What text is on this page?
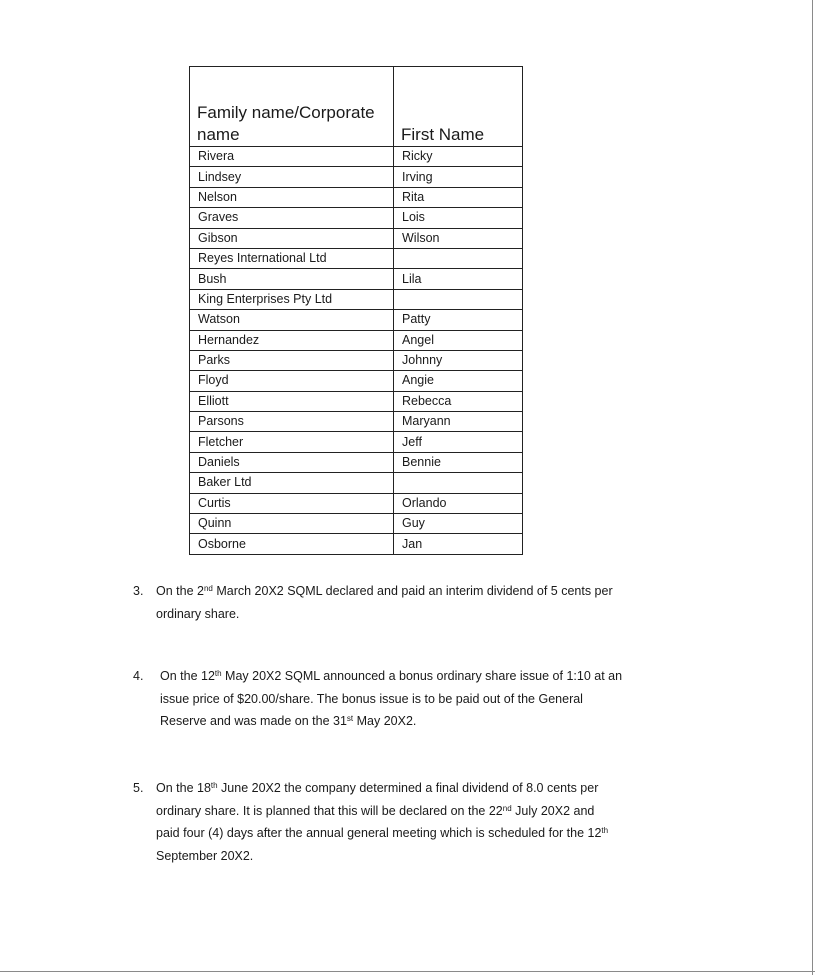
Family name/Corporate name	First Name
Rivera	Ricky
Lindsey	Irving
Nelson	Rita
Graves	Lois
Gibson	Wilson
Reyes International Ltd	
Bush	Lila
King Enterprises Pty Ltd	
Watson	Patty
Hernandez	Angel
Parks	Johnny
Floyd	Angie
Elliott	Rebecca
Parsons	Maryann
Fletcher	Jeff
Daniels	Bennie
Baker Ltd	
Curtis	Orlando
Quinn	Guy
Osborne	Jan
3. On the 2nd March 20X2 SQML declared and paid an interim dividend of 5 cents per
ordinary share.
4. On the 12th May 20X2 SQML announced a bonus ordinary share issue of 1:10 at an
issue price of $20.00/share. The bonus issue is to be paid out of the General
Reserve and was made on the 31st May 20X2.
5. On the 18th June 20X2 the company determined a final dividend of 8.0 cents per
ordinary share. It is planned that this will be declared on the 22nd July 20X2 and
paid four (4) days after the annual general meeting which is scheduled for the 12th
September 20X2.
